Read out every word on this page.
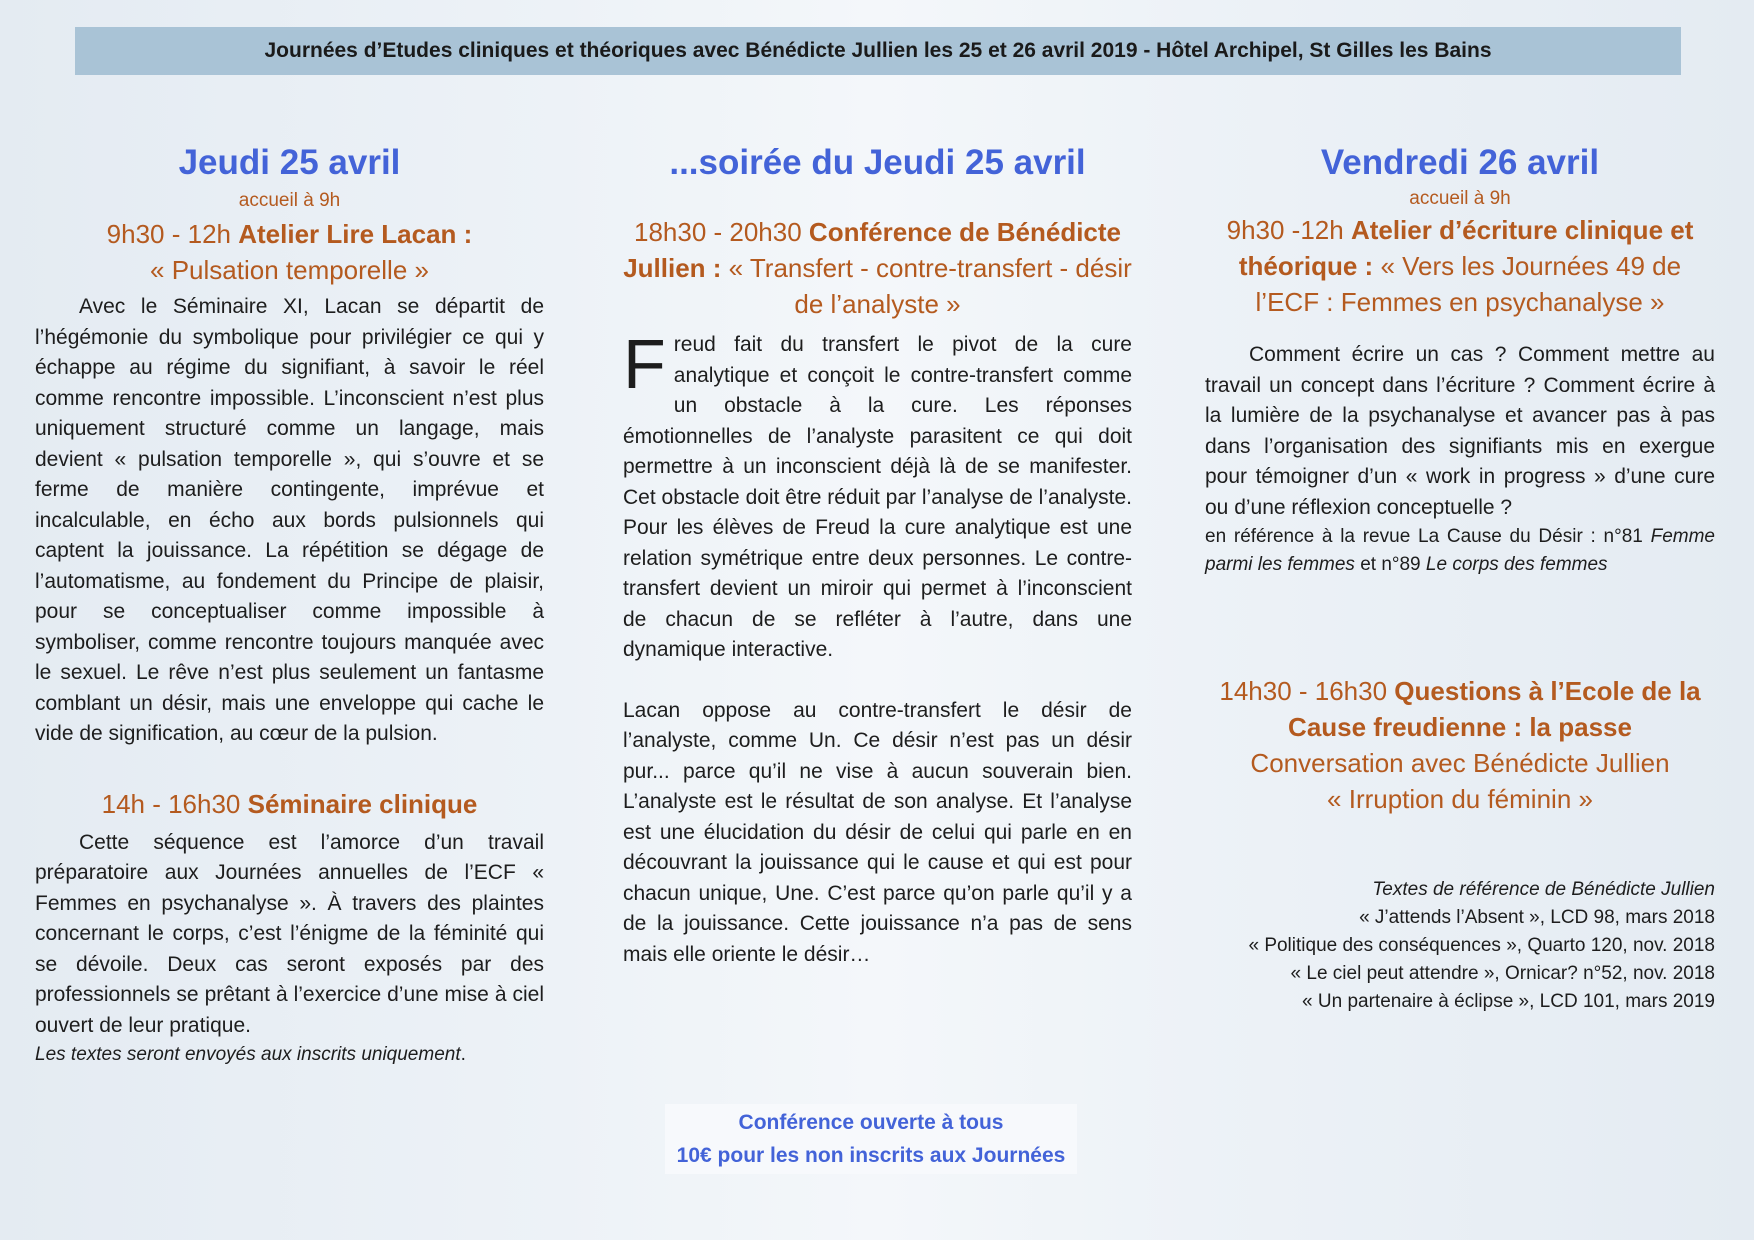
Journées d’Etudes cliniques et théoriques avec Bénédicte Jullien les 25 et 26 avril 2019 - Hôtel Archipel, St Gilles les Bains
Jeudi 25 avril

accueil à 9h

9h30 - 12h Atelier Lire Lacan :
« Pulsation temporelle »

Avec le Séminaire XI, Lacan se départit de l’hégémonie du symbolique pour privilégier ce qui y échappe au régime du signifiant, à savoir le réel comme rencontre impossible. L’inconscient n’est plus uniquement structuré comme un langage, mais devient « pulsation temporelle », qui s’ouvre et se ferme de manière contingente, imprévue et incalculable, en écho aux bords pulsionnels qui captent la jouissance. La répétition se dégage de l’automatisme, au fondement du Principe de plaisir, pour se conceptualiser comme impossible à symboliser, comme rencontre toujours manquée avec le sexuel. Le rêve n’est plus seulement un fantasme comblant un désir, mais une enveloppe qui cache le vide de signification, au cœur de la pulsion.

14h - 16h30 Séminaire clinique

Cette séquence est l’amorce d’un travail préparatoire aux Journées annuelles de l’ECF « Femmes en psychanalyse ». À travers des plaintes concernant le corps, c’est l’énigme de la féminité qui se dévoile. Deux cas seront exposés par des professionnels se prêtant à l’exercice d’une mise à ciel ouvert de leur pratique.

Les textes seront envoyés aux inscrits uniquement.

...soirée du Jeudi 25 avril

18h30 - 20h30 Conférence de Bénédicte Jullien : « Transfert - contre-transfert - désir de l’analyste »

Freud fait du transfert le pivot de la cure analytique et conçoit le contre-transfert comme un obstacle à la cure. Les réponses émotionnelles de l’analyste parasitent ce qui doit permettre à un inconscient déjà là de se manifester. Cet obstacle doit être réduit par l’analyse de l’analyste. Pour les élèves de Freud la cure analytique est une relation symétrique entre deux personnes. Le contre-transfert devient un miroir qui permet à l’inconscient de chacun de se refléter à l’autre, dans une dynamique interactive.

Lacan oppose au contre-transfert le désir de l’analyste, comme Un. Ce désir n’est pas un désir pur... parce qu’il ne vise à aucun souverain bien. L’analyste est le résultat de son analyse. Et l’analyse est une élucidation du désir de celui qui parle en en découvrant la jouissance qui le cause et qui est pour chacun unique, Une. C’est parce qu’on parle qu’il y a de la jouissance. Cette jouissance n’a pas de sens mais elle oriente le désir…

Conférence ouverte à tous
10€ pour les non inscrits aux Journées
Vendredi 26 avril

accueil à 9h

9h30 -12h Atelier d’écriture clinique et théorique : « Vers les Journées 49 de l’ECF : Femmes en psychanalyse »

Comment écrire un cas ? Comment mettre au travail un concept dans l’écriture ? Comment écrire à la lumière de la psychanalyse et avancer pas à pas dans l’organisation des signifiants mis en exergue pour témoigner d’un « work in progress » d’une cure ou d’une réflexion conceptuelle ?

en référence à la revue La Cause du Désir : n°81 Femme parmi les femmes et n°89 Le corps des femmes

14h30 - 16h30 Questions à l’Ecole de la Cause freudienne : la passe
Conversation avec Bénédicte Jullien
« Irruption du féminin »

Textes de référence de Bénédicte Jullien

« J’attends l’Absent », LCD 98, mars 2018

« Politique des conséquences », Quarto 120, nov. 2018

« Le ciel peut attendre », Ornicar? n°52, nov. 2018

« Un partenaire à éclipse », LCD 101, mars 2019
